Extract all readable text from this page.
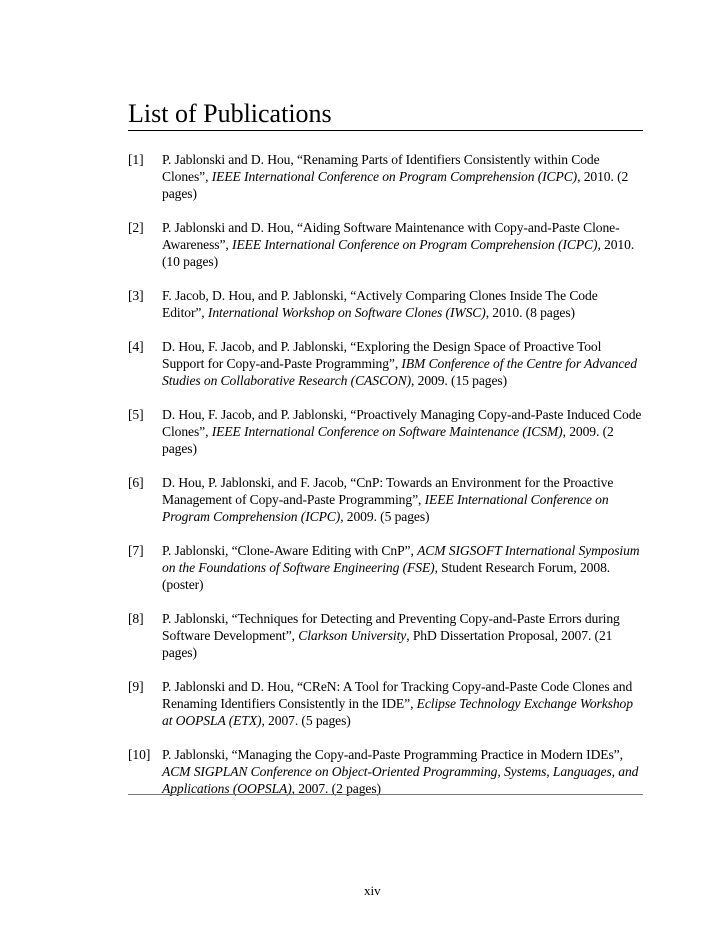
List of Publications
[1] P. Jablonski and D. Hou, “Renaming Parts of Identifiers Consistently within Code Clones”, IEEE International Conference on Program Comprehension (ICPC), 2010. (2 pages)
[2] P. Jablonski and D. Hou, “Aiding Software Maintenance with Copy-and-Paste Clone-Awareness”, IEEE International Conference on Program Comprehension (ICPC), 2010. (10 pages)
[3] F. Jacob, D. Hou, and P. Jablonski, “Actively Comparing Clones Inside The Code Editor”, International Workshop on Software Clones (IWSC), 2010. (8 pages)
[4] D. Hou, F. Jacob, and P. Jablonski, “Exploring the Design Space of Proactive Tool Support for Copy-and-Paste Programming”, IBM Conference of the Centre for Advanced Studies on Collaborative Research (CASCON), 2009. (15 pages)
[5] D. Hou, F. Jacob, and P. Jablonski, “Proactively Managing Copy-and-Paste Induced Code Clones”, IEEE International Conference on Software Maintenance (ICSM), 2009. (2 pages)
[6] D. Hou, P. Jablonski, and F. Jacob, “CnP: Towards an Environment for the Proactive Management of Copy-and-Paste Programming”, IEEE International Conference on Program Comprehension (ICPC), 2009. (5 pages)
[7] P. Jablonski, “Clone-Aware Editing with CnP”, ACM SIGSOFT International Symposium on the Foundations of Software Engineering (FSE), Student Research Forum, 2008. (poster)
[8] P. Jablonski, “Techniques for Detecting and Preventing Copy-and-Paste Errors during Software Development”, Clarkson University, PhD Dissertation Proposal, 2007. (21 pages)
[9] P. Jablonski and D. Hou, “CReN: A Tool for Tracking Copy-and-Paste Code Clones and Renaming Identifiers Consistently in the IDE”, Eclipse Technology Exchange Workshop at OOPSLA (ETX), 2007. (5 pages)
[10] P. Jablonski, “Managing the Copy-and-Paste Programming Practice in Modern IDEs”, ACM SIGPLAN Conference on Object-Oriented Programming, Systems, Languages, and Applications (OOPSLA), 2007. (2 pages)
xiv
